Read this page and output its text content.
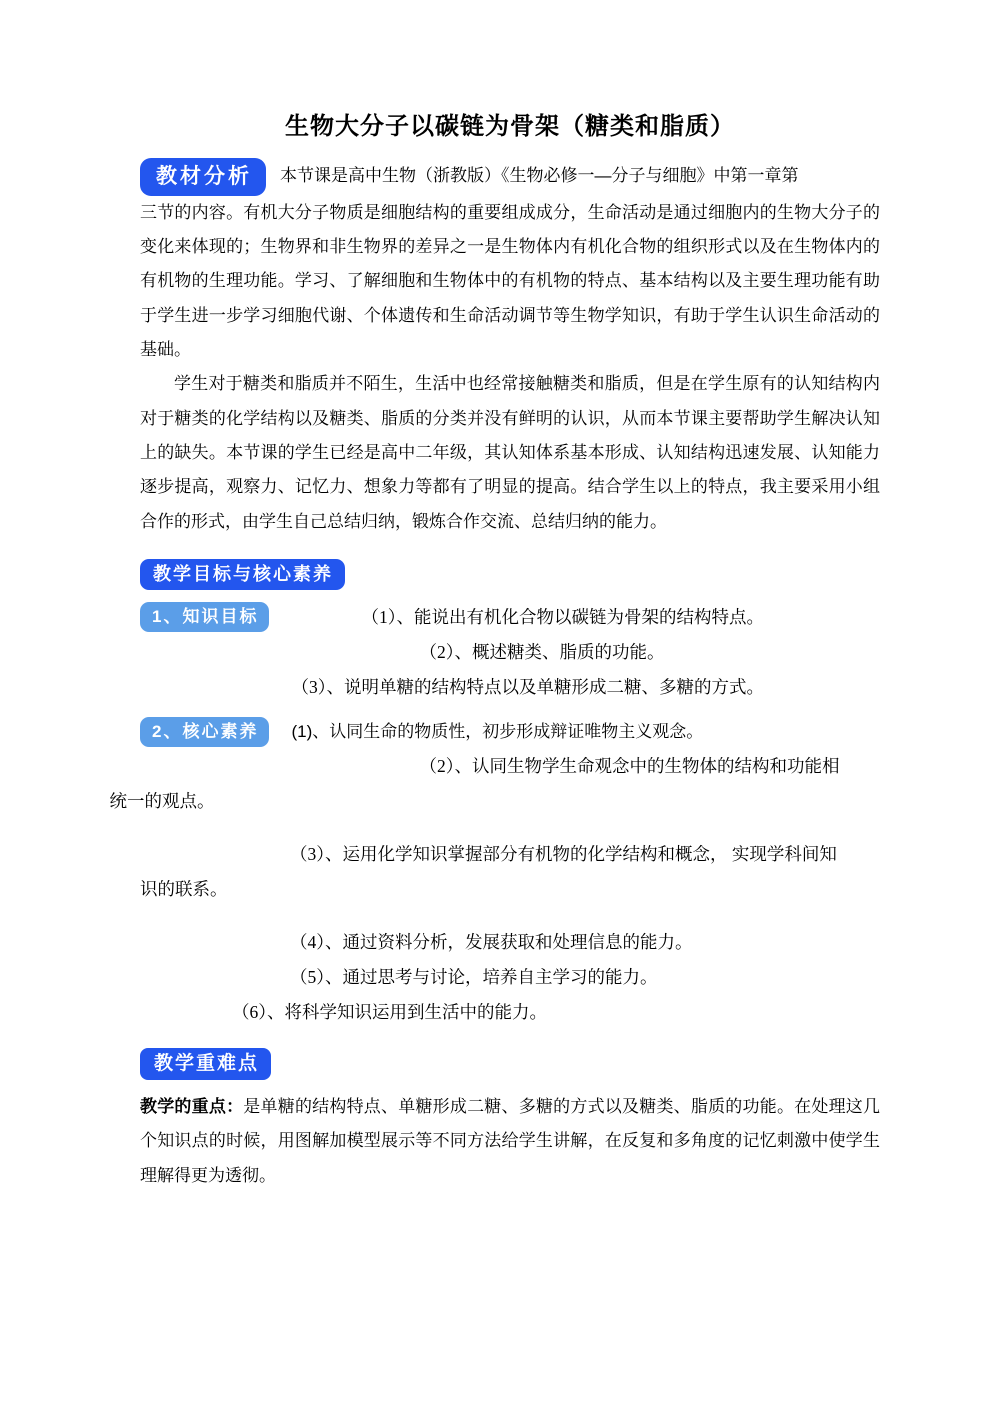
生物大分子以碳链为骨架（糖类和脂质）
教材分析	本节课是高中生物（浙教版）《生物必修一—分子与细胞》中第一章第

三节的内容。有机大分子物质是细胞结构的重要组成成分，生命活动是通过细胞内的生物大分子的变化来体现的；生物界和非生物界的差异之一是生物体内有机化合物的组织形式以及在生物体内的有机物的生理功能。学习、了解细胞和生物体中的有机物的特点、基本结构以及主要生理功能有助于学生进一步学习细胞代谢、个体遗传和生命活动调节等生物学知识，有助于学生认识生命活动的基础。

学生对于糖类和脂质并不陌生，生活中也经常接触糖类和脂质，但是在学生原有的认知结构内对于糖类的化学结构以及糖类、脂质的分类并没有鲜明的认识，从而本节课主要帮助学生解决认知上的缺失。本节课的学生已经是高中二年级，其认知体系基本形成、认知结构迅速发展、认知能力逐步提高，观察力、记忆力、想象力等都有了明显的提高。结合学生以上的特点，我主要采用小组合作的形式，由学生自己总结归纳，锻炼合作交流、总结归纳的能力。

教学目标与核心素养
1、知识目标	（1）、能说出有机化合物以碳链为骨架的结构特点。

（2）、概述糖类、脂质的功能。

（3）、说明单糖的结构特点以及单糖形成二糖、多糖的方式。

2、核心素养	(1)、认同生命的物质性，初步形成辩证唯物主义观念。

（2）、认同生物学生命观念中的生物体的结构和功能相

统一的观点。

（3）、运用化学知识掌握部分有机物的化学结构和概念， 实现学科间知

识的联系。

（4）、通过资料分析，发展获取和处理信息的能力。

（5）、通过思考与讨论，培养自主学习的能力。

（6）、将科学知识运用到生活中的能力。

教学重难点

教学的重点：是单糖的结构特点、单糖形成二糖、多糖的方式以及糖类、脂质的功能。在处理这几个知识点的时候，用图解加模型展示等不同方法给学生讲解，在反复和多角度的记忆刺激中使学生理解得更为透彻。
